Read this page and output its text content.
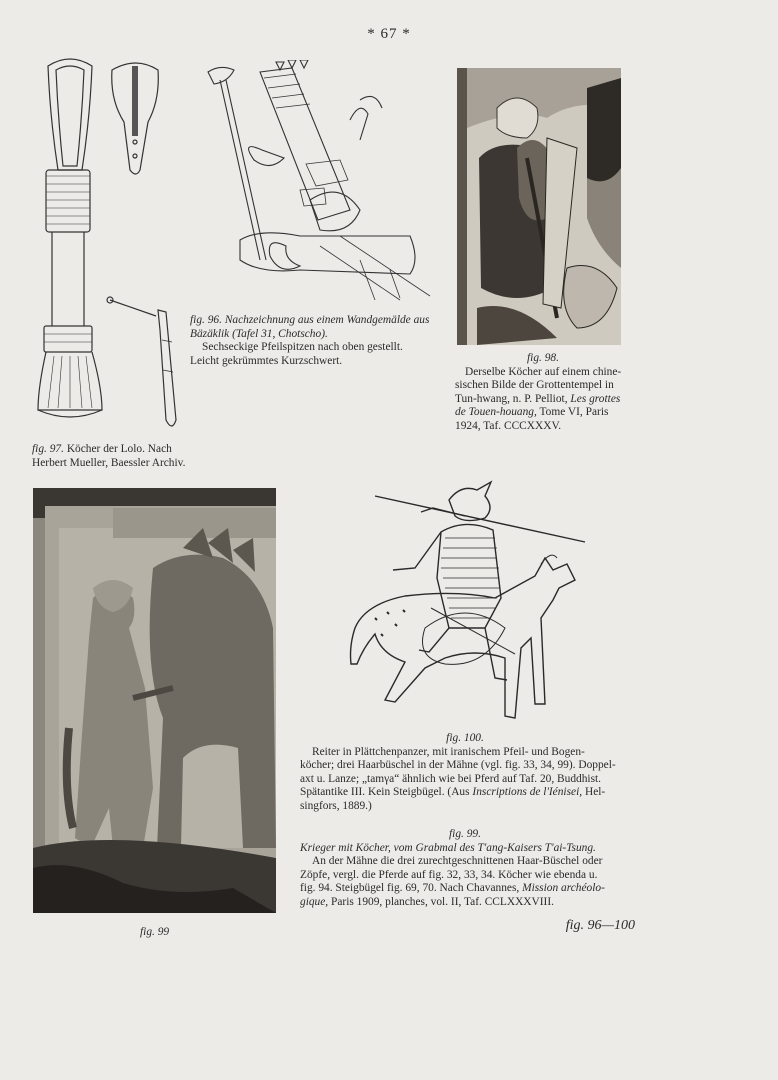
* 67 *
fig. 97. Köcher der Lolo. Nach
Herbert Mueller, Baessler Archiv.
fig. 96. Nachzeichnung aus einem Wandgemälde aus
Bäzäklik (Tafel 31, Chotscho).
Sechseckige Pfeilspitzen nach oben gestellt.
Leicht gekrümmtes Kurzschwert.	fig. 98.
Derselbe Köcher auf einem chine-
sischen Bilde der Grottentempel in
Tun-hwang, n. P. Pelliot, Les grottes
de Touen-houang, Tome VI, Paris
1924, Taf. CCCXXXV.
fig. 99
fig. 100.
Reiter in Plättchenpanzer, mit iranischem Pfeil- und Bogen-
köcher; drei Haarbüschel in der Mähne (vgl. fig. 33, 34, 99). Doppel-
axt u. Lanze; „tamγa“ ähnlich wie bei Pferd auf Taf. 20, Buddhist.
Spätantike III. Kein Steigbügel. (Aus Inscriptions de l'Iénisei, Hel-
singfors, 1889.)
fig. 99.
Krieger mit Köcher, vom Grabmal des T'ang-Kaisers T'ai-Tsung.
An der Mähne die drei zurechtgeschnittenen Haar-Büschel oder
Zöpfe, vergl. die Pferde auf fig. 32, 33, 34. Köcher wie ebenda u.
fig. 94. Steigbügel fig. 69, 70. Nach Chavannes, Mission archéolo-
gique, Paris 1909, planches, vol. II, Taf. CCLXXXVIII.
fig. 96—100
